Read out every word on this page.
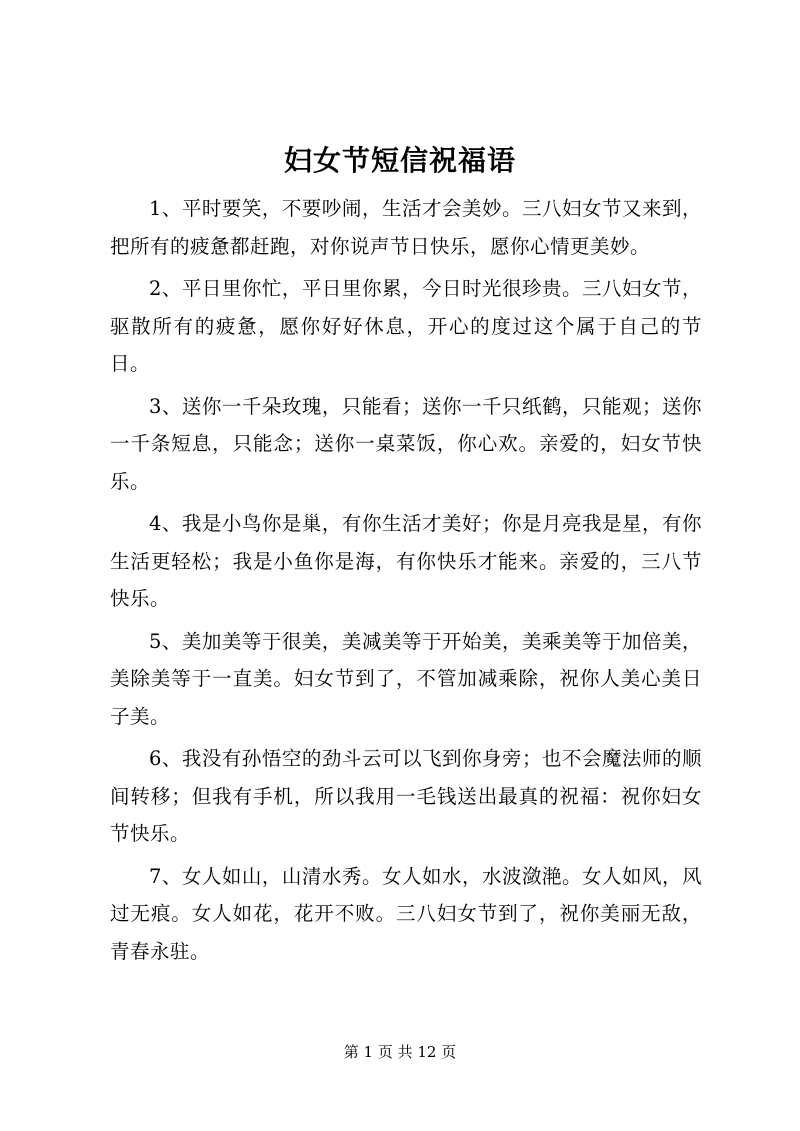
妇女节短信祝福语

1、平时要笑，不要吵闹，生活才会美妙。三八妇女节又来到，把所有的疲惫都赶跑，对你说声节日快乐，愿你心情更美妙。

2、平日里你忙，平日里你累，今日时光很珍贵。三八妇女节，驱散所有的疲惫，愿你好好休息，开心的度过这个属于自己的节日。

3、送你一千朵玫瑰，只能看；送你一千只纸鹤，只能观；送你一千条短息，只能念；送你一桌菜饭，你心欢。亲爱的，妇女节快乐。

4、我是小鸟你是巢，有你生活才美好；你是月亮我是星，有你生活更轻松；我是小鱼你是海，有你快乐才能来。亲爱的，三八节快乐。

5、美加美等于很美，美减美等于开始美，美乘美等于加倍美，美除美等于一直美。妇女节到了，不管加减乘除，祝你人美心美日子美。

6、我没有孙悟空的劲斗云可以飞到你身旁；也不会魔法师的顺间转移；但我有手机，所以我用一毛钱送出最真的祝福：祝你妇女节快乐。

7、女人如山，山清水秀。女人如水，水波潋滟。女人如风，风过无痕。女人如花，花开不败。三八妇女节到了，祝你美丽无敌，青春永驻。

第 1 页 共 12 页
